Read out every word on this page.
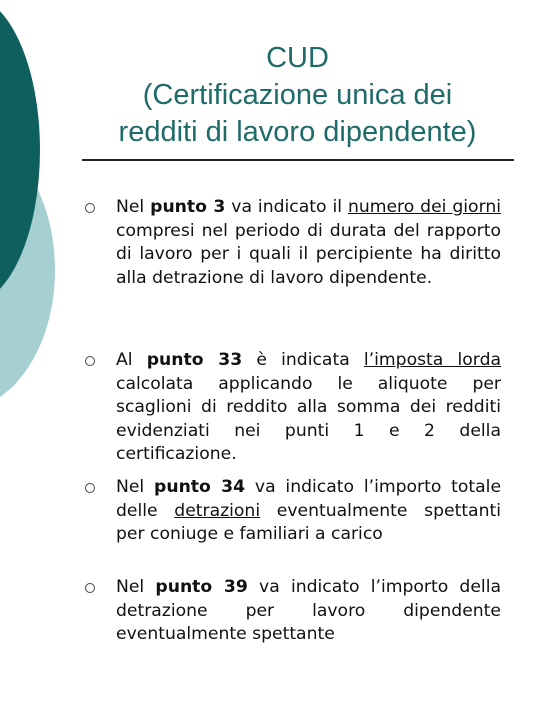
CUD
(Certificazione unica dei
redditi di lavoro dipendente)
Nel punto 3 va indicato il numero dei giorni compresi nel periodo di durata del rapporto di lavoro per i quali il percipiente ha diritto alla detrazione di lavoro dipendente.
Al punto 33 è indicata l’imposta lorda calcolata applicando le aliquote per scaglioni di reddito alla somma dei redditi evidenziati nei punti 1 e 2 della certificazione.
Nel punto 34 va indicato l’importo totale delle detrazioni eventualmente spettanti per coniuge e familiari a carico
Nel punto 39 va indicato l’importo della detrazione per lavoro dipendente eventualmente spettante
